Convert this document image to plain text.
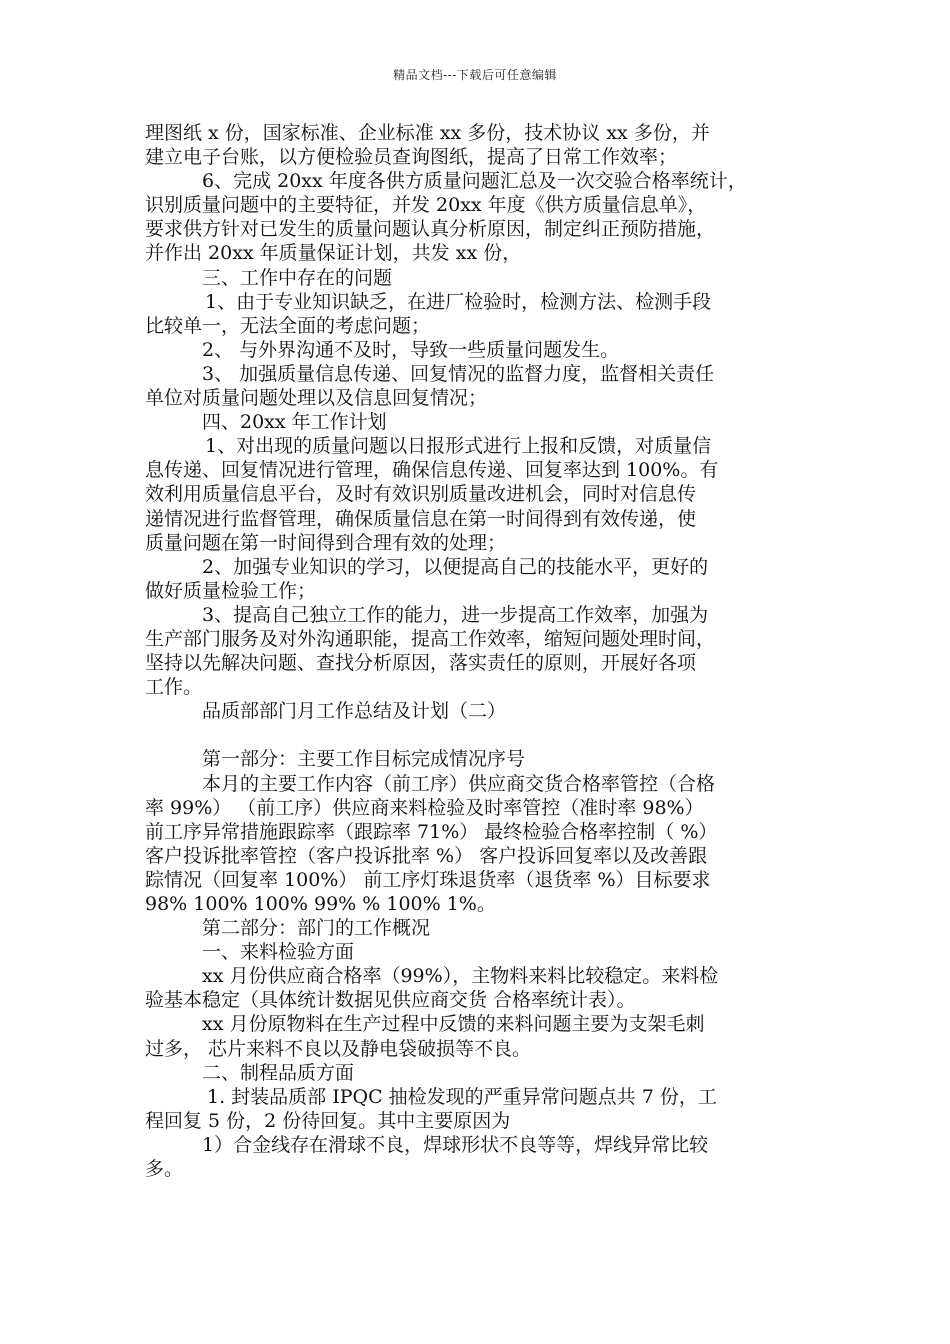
精品文档---下载后可任意编辑
理图纸 x 份，国家标准、企业标准 xx 多份，技术协议 xx 多份，并
建立电子台账，以方便检验员查询图纸，提高了日常工作效率；
6、完成 20xx 年度各供方质量问题汇总及一次交验合格率统计，
识别质量问题中的主要特征，并发 20xx 年度《供方质量信息单》，
要求供方针对已发生的质量问题认真分析原因，制定纠正预防措施，
并作出 20xx 年质量保证计划，共发 xx 份，
三、工作中存在的问题
1、由于专业知识缺乏，在进厂检验时，检测方法、检测手段
比较单一，无法全面的考虑问题；
2、 与外界沟通不及时，导致一些质量问题发生。
3、 加强质量信息传递、回复情况的监督力度，监督相关责任
单位对质量问题处理以及信息回复情况；
四、20xx 年工作计划
1、对出现的质量问题以日报形式进行上报和反馈，对质量信
息传递、回复情况进行管理，确保信息传递、回复率达到 100%。有
效利用质量信息平台，及时有效识别质量改进机会，同时对信息传
递情况进行监督管理，确保质量信息在第一时间得到有效传递，使
质量问题在第一时间得到合理有效的处理；
2、加强专业知识的学习，以便提高自己的技能水平，更好的
做好质量检验工作；
3、提高自己独立工作的能力，进一步提高工作效率，加强为
生产部门服务及对外沟通职能，提高工作效率，缩短问题处理时间，
坚持以先解决问题、查找分析原因，落实责任的原则，开展好各项
工作。
品质部部门月工作总结及计划（二）
第一部分：主要工作目标完成情况序号
本月的主要工作内容（前工序）供应商交货合格率管控（合格
率 99%） （前工序）供应商来料检验及时率管控（准时率 98%）
前工序异常措施跟踪率（跟踪率 71%） 最终检验合格率控制（ %）
客户投诉批率管控（客户投诉批率 %） 客户投诉回复率以及改善跟
踪情况（回复率 100%） 前工序灯珠退货率（退货率 %）目标要求
98% 100% 100% 99% % 100% 1%。
第二部分：部门的工作概况
一、来料检验方面
xx 月份供应商合格率（99%），主物料来料比较稳定。来料检
验基本稳定（具体统计数据见供应商交货 合格率统计表）。
xx 月份原物料在生产过程中反馈的来料问题主要为支架毛刺
过多， 芯片来料不良以及静电袋破损等不良。
二、制程品质方面
1. 封装品质部 IPQC 抽检发现的严重异常问题点共 7 份，工
程回复 5 份，2 份待回复。其中主要原因为
1）合金线存在滑球不良，焊球形状不良等等，焊线异常比较
多。
